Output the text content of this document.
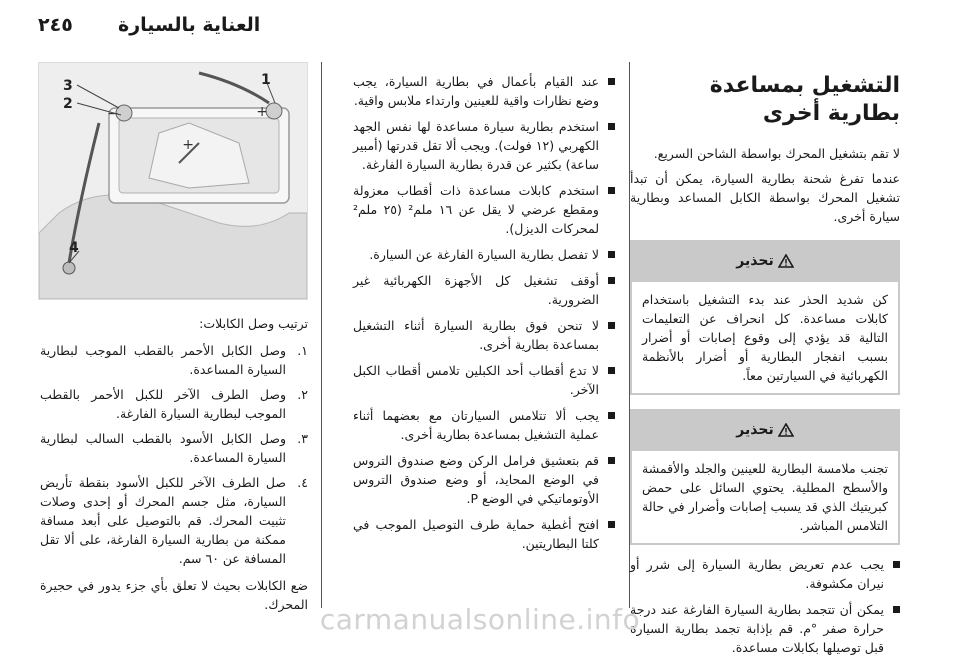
العناية بالسيارة
٢٤٥
التشغيل بمساعدة بطارية أخرى

لا تقم بتشغيل المحرك بواسطة الشاحن السريع.

عندما تفرغ شحنة بطارية السيارة، يمكن أن تبدأ تشغيل المحرك بواسطة الكابل المساعد وبطارية سيارة أخرى.

تحذير
كن شديد الحذر عند بدء التشغيل باستخدام كابلات مساعدة. كل انحراف عن التعليمات التالية قد يؤدي إلى وقوع إصابات أو أضرار بسبب انفجار البطارية أو أضرار بالأنظمة الكهربائية في السيارتين معاً.
تحذير
تجنب ملامسة البطارية للعينين والجلد والأقمشة والأسطح المطلية. يحتوي السائل على حمض كبريتيك الذي قد يسبب إصابات وأضرار في حالة التلامس المباشر.
يجب عدم تعريض بطارية السيارة إلى شرر أو نيران مكشوفة.
يمكن أن تتجمد بطارية السيارة الفارغة عند درجة حرارة صفر °م. قم بإذابة تجمد بطارية السيارة قبل توصيلها بكابلات مساعدة.
عند القيام بأعمال في بطارية السيارة، يجب وضع نظارات واقية للعينين وارتداء ملابس واقية.
استخدم بطارية سيارة مساعدة لها نفس الجهد الكهربي (١٢ فولت). ويجب ألا تقل قدرتها (أمبير ساعة) بكثير عن قدرة بطارية السيارة الفارغة.
استخدم كابلات مساعدة ذات أقطاب معزولة ومقطع عرضي لا يقل عن ١٦ ملم² (٢٥ ملم² لمحركات الديزل).
لا تفصل بطارية السيارة الفارغة عن السيارة.
أوقف تشغيل كل الأجهزة الكهربائية غير الضرورية.
لا تنحن فوق بطارية السيارة أثناء التشغيل بمساعدة بطارية أخرى.
لا تدع أقطاب أحد الكبلين تلامس أقطاب الكبل الآخر.
يجب ألا تتلامس السيارتان مع بعضهما أثناء عملية التشغيل بمساعدة بطارية أخرى.
قم بتعشيق فرامل الركن وضع صندوق التروس في الوضع المحايد، أو وضع صندوق التروس الأوتوماتيكي في الوضع P.
افتح أغطية حماية طرف التوصيل الموجب في كلتا البطاريتين.
+
−
+
3
2
1
4

ترتيب وصل الكابلات:

١.
وصل الكابل الأحمر بالقطب الموجب لبطارية السيارة المساعدة.
٢.
وصل الطرف الآخر للكبل الأحمر بالقطب الموجب لبطارية السيارة الفارغة.
٣.
وصل الكابل الأسود بالقطب السالب لبطارية السيارة المساعدة.
٤.
صل الطرف الآخر للكبل الأسود بنقطة تأريض السيارة، مثل جسم المحرك أو إحدى وصلات تثبيت المحرك. قم بالتوصيل على أبعد مسافة ممكنة من بطارية السيارة الفارغة، على ألا تقل المسافة عن ٦٠ سم.

ضع الكابلات بحيث لا تعلق بأي جزء يدور في حجيرة المحرك. carmanualsonline.info
